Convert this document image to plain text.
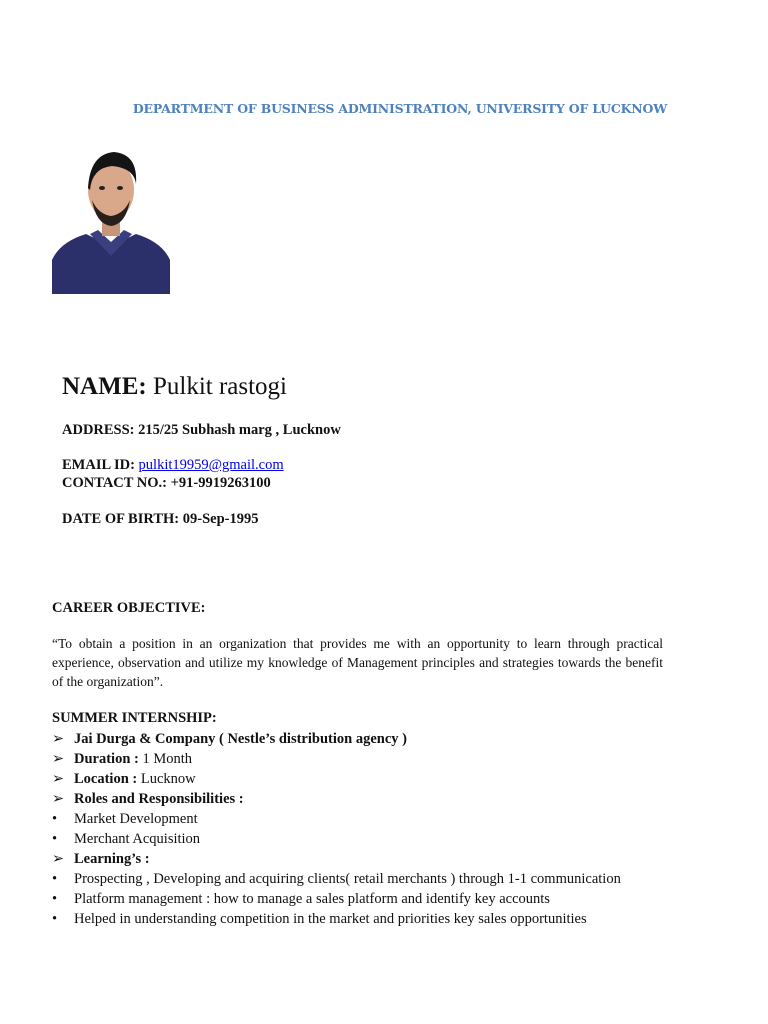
DEPARTMENT OF BUSINESS ADMINISTRATION, UNIVERSITY OF LUCKNOW
NAME: Pulkit rastogi
ADDRESS: 215/25 Subhash marg , Lucknow
EMAIL ID: pulkit19959@gmail.com
CONTACT NO.: +91-9919263100
DATE OF BIRTH: 09-Sep-1995
CAREER OBJECTIVE:
“To obtain a position in an organization that provides me with an opportunity to learn through practical experience, observation and utilize my knowledge of Management principles and strategies towards the benefit of the organization”.
SUMMER INTERNSHIP:
➢ Jai Durga & Company ( Nestle’s distribution agency )
➢ Duration : 1 Month
➢ Location : Lucknow
➢ Roles and Responsibilities :
•	Market Development
•	Merchant Acquisition
➢ Learning’s :
•	Prospecting , Developing and acquiring clients( retail merchants ) through 1-1 communication
•	Platform management : how to manage a sales platform and identify key accounts
•	Helped in understanding competition in the market and priorities key sales opportunities
